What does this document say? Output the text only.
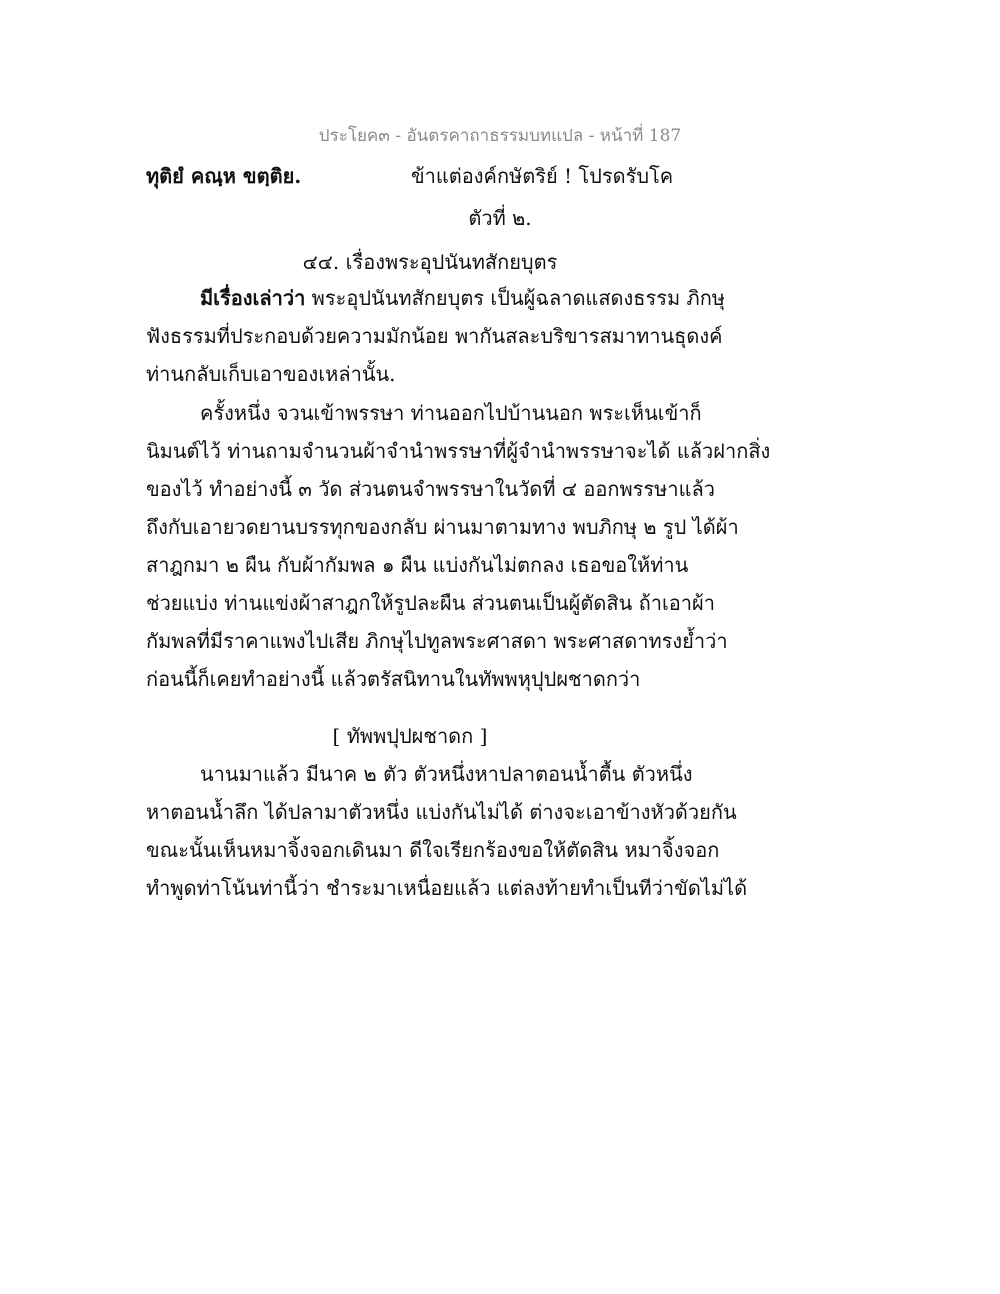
ประโยค๓ - อันตรคาถาธรรมบทแปล - หน้าที่ 187
ทุติยํ คณฺห ขตฺติย.	ข้าแต่องค์กษัตริย์ ! โปรดรับโค
ตัวที่ ๒.
๔๔. เรื่องพระอุปนันทสักยบุตร
มีเรื่องเล่าว่า พระอุปนันทสักยบุตร เป็นผู้ฉลาดแสดงธรรม ภิกษุ
ฟังธรรมที่ประกอบด้วยความมักน้อย พากันสละบริขารสมาทานธุดงค์
ท่านกลับเก็บเอาของเหล่านั้น.
ครั้งหนึ่ง จวนเข้าพรรษา ท่านออกไปบ้านนอก พระเห็นเข้าก็
นิมนต์ไว้ ท่านถามจำนวนผ้าจำนำพรรษาที่ผู้จำนำพรรษาจะได้ แล้วฝากสิ่ง
ของไว้ ทำอย่างนี้ ๓ วัด ส่วนตนจำพรรษาในวัดที่ ๔ ออกพรรษาแล้ว
ถึงกับเอายวดยานบรรทุกของกลับ ผ่านมาตามทาง พบภิกษุ ๒ รูป ได้ผ้า
สาฎกมา ๒ ผืน กับผ้ากัมพล ๑ ผืน แบ่งกันไม่ตกลง เธอขอให้ท่าน
ช่วยแบ่ง ท่านแข่งผ้าสาฎกให้รูปละผืน ส่วนตนเป็นผู้ตัดสิน ถ้าเอาผ้า
กัมพลที่มีราคาแพงไปเสีย ภิกษุไปทูลพระศาสดา พระศาสดาทรงย้ำว่า
ก่อนนี้ก็เคยทำอย่างนี้ แล้วตรัสนิทานในทัพพหุปุปผชาดกว่า
[ ทัพพปุปผชาดก ]
นานมาแล้ว มีนาค ๒ ตัว ตัวหนึ่งหาปลาตอนน้ำตื้น ตัวหนึ่ง
หาตอนน้ำลึก ได้ปลามาตัวหนึ่ง แบ่งกันไม่ได้ ต่างจะเอาข้างหัวด้วยกัน
ขณะนั้นเห็นหมาจิ้งจอกเดินมา ดีใจเรียกร้องขอให้ตัดสิน หมาจิ้งจอก
ทำพูดท่าโน้นท่านี้ว่า ชำระมาเหนื่อยแล้ว แต่ลงท้ายทำเป็นทีว่าขัดไม่ได้
